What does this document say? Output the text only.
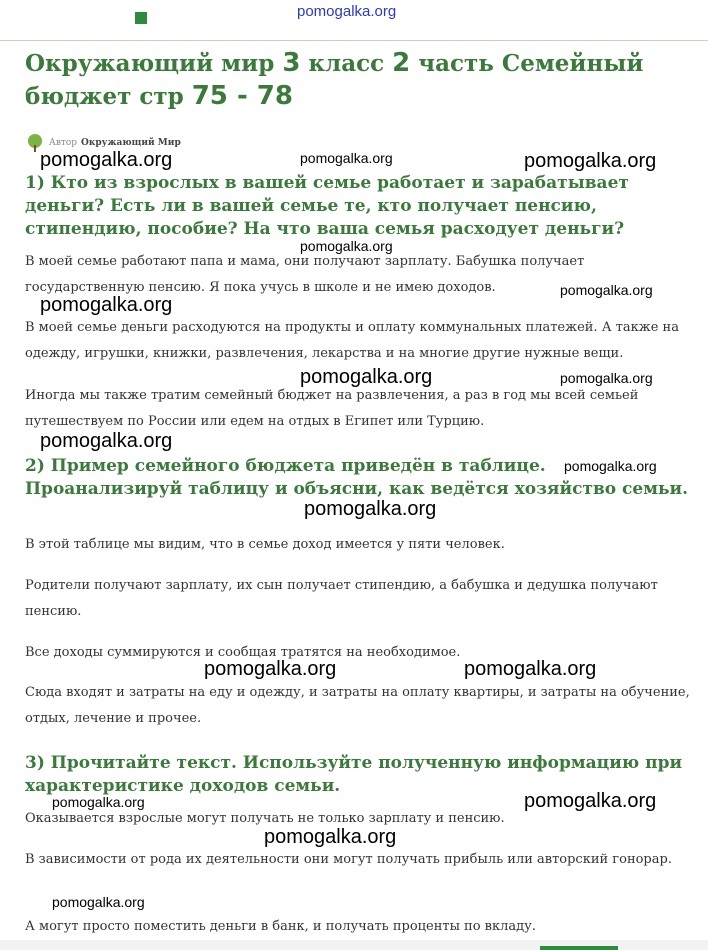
pomogalka.org
Окружающий мир 3 класс 2 часть Семейный бюджет стр 75 - 78
Автор Окружающий Мир
1) Кто из взрослых в вашей семье работает и зарабатывает деньги? Есть ли в вашей семье те, кто получает пенсию, стипендию, пособие? На что ваша семья расходует деньги?

В моей семье работают папа и мама, они получают зарплату. Бабушка получает государственную пенсию. Я пока учусь в школе и не имею доходов.

В моей семье деньги расходуются на продукты и оплату коммунальных платежей. А также на одежду, игрушки, книжки, развлечения, лекарства и на многие другие нужные вещи.

Иногда мы также тратим семейный бюджет на развлечения, а раз в год мы всей семьей путешествуем по России или едем на отдых в Египет или Турцию.

2) Пример семейного бюджета приведён в таблице. Проанализируй таблицу и объясни, как ведётся хозяйство семьи.

В этой таблице мы видим, что в семье доход имеется у пяти человек.

Родители получают зарплату, их сын получает стипендию, а бабушка и дедушка получают пенсию.

Все доходы суммируются и сообщая тратятся на необходимое.

Сюда входят и затраты на еду и одежду, и затраты на оплату квартиры, и затраты на обучение, отдых, лечение и прочее.

3) Прочитайте текст. Используйте полученную информацию при характеристике доходов семьи.

Оказывается взрослые могут получать не только зарплату и пенсию.

В зависимости от рода их деятельности они могут получать прибыль или авторский гонорар.

А могут просто поместить деньги в банк, и получать проценты по вкладу.

pomogalka.org	pomogalka.org	pomogalka.org
pomogalka.org
pomogalka.org
pomogalka.org
pomogalka.org	pomogalka.org
pomogalka.org
pomogalka.org
pomogalka.org
pomogalka.org	pomogalka.org
pomogalka.org	pomogalka.org
pomogalka.org
pomogalka.org
